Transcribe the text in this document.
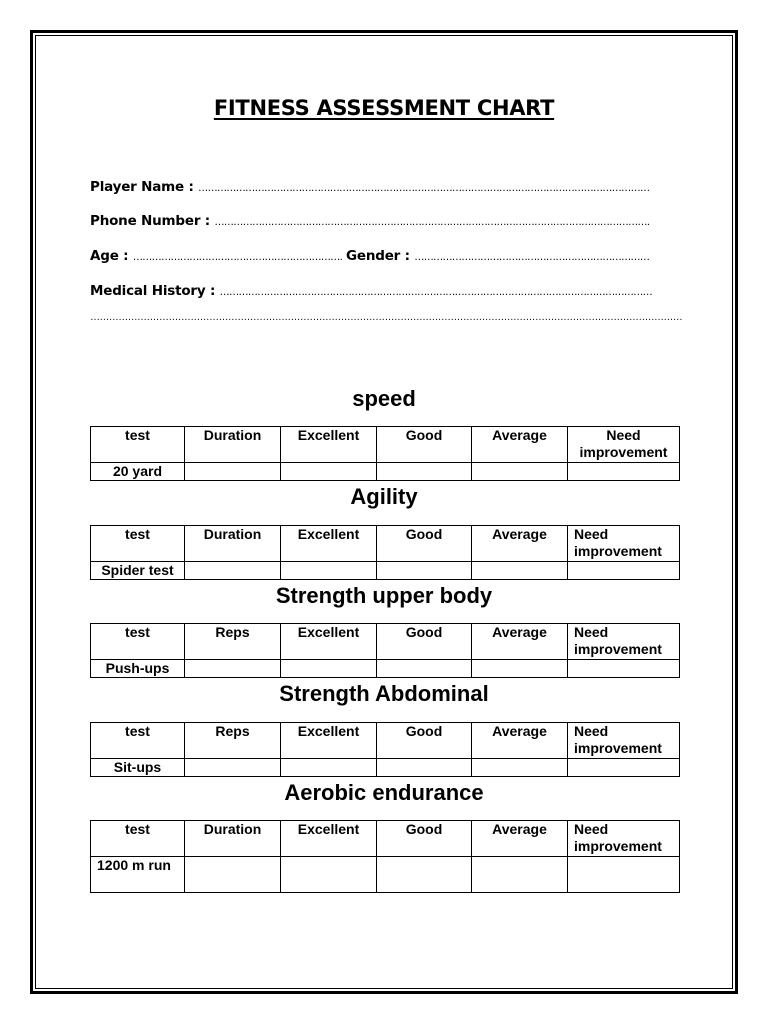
FITNESS ASSESSMENT CHART
Player Name : ………………………………………………………………………………………………………………………………
Phone Number : ………………………………………………………………………………………………………………………….
Age : …………………………………………………………. Gender : …………………………………………………………………
Medical History : …………………………………………………………………………………………………………………………
………………………………………………………………………………………………………………………………………………………………………
speed
test	Duration	Excellent	Good	Average	Need improvement
20 yard					
Agility
test	Duration	Excellent	Good	Average	Need improvement
Spider test					
Strength upper body
test	Reps	Excellent	Good	Average	Need improvement
Push-ups					
Strength Abdominal
test	Reps	Excellent	Good	Average	Need improvement
Sit-ups					
Aerobic endurance
test	Duration	Excellent	Good	Average	Need improvement
1200 m run					
